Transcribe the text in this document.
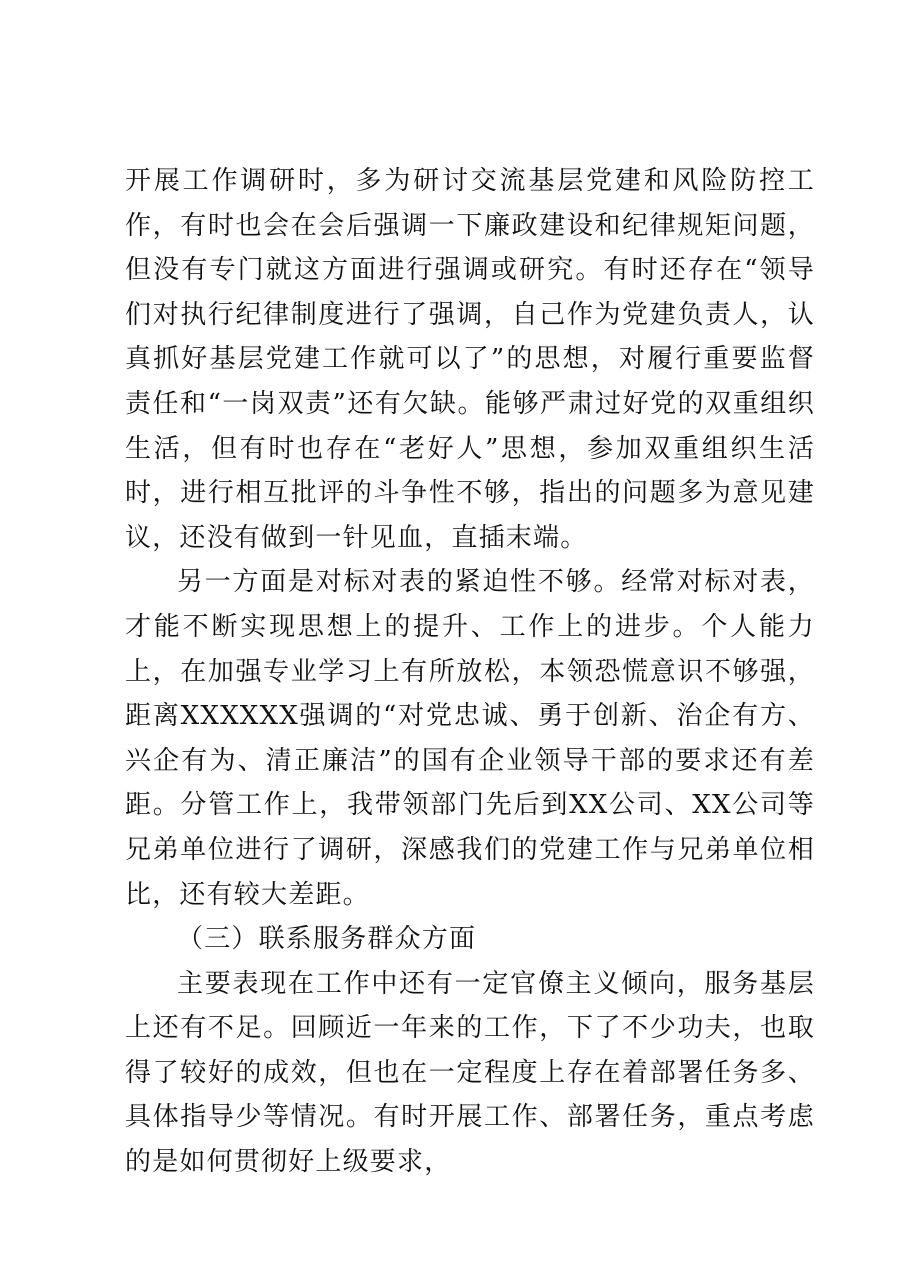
开展工作调研时，多为研讨交流基层党建和风险防控工作，有时也会在会后强调一下廉政建设和纪律规矩问题，但没有专门就这方面进行强调或研究。有时还存在“领导们对执行纪律制度进行了强调，自己作为党建负责人，认真抓好基层党建工作就可以了”的思想，对履行重要监督责任和“一岗双责”还有欠缺。能够严肃过好党的双重组织生活，但有时也存在“老好人”思想，参加双重组织生活时，进行相互批评的斗争性不够，指出的问题多为意见建议，还没有做到一针见血，直插末端。

另一方面是对标对表的紧迫性不够。经常对标对表，才能不断实现思想上的提升、工作上的进步。个人能力上，在加强专业学习上有所放松，本领恐慌意识不够强，距离XXXXXX强调的“对党忠诚、勇于创新、治企有方、兴企有为、清正廉洁”的国有企业领导干部的要求还有差距。分管工作上，我带领部门先后到XX公司、XX公司等兄弟单位进行了调研，深感我们的党建工作与兄弟单位相比，还有较大差距。

（三）联系服务群众方面

主要表现在工作中还有一定官僚主义倾向，服务基层上还有不足。回顾近一年来的工作，下了不少功夫，也取得了较好的成效，但也在一定程度上存在着部署任务多、具体指导少等情况。有时开展工作、部署任务，重点考虑的是如何贯彻好上级要求，
